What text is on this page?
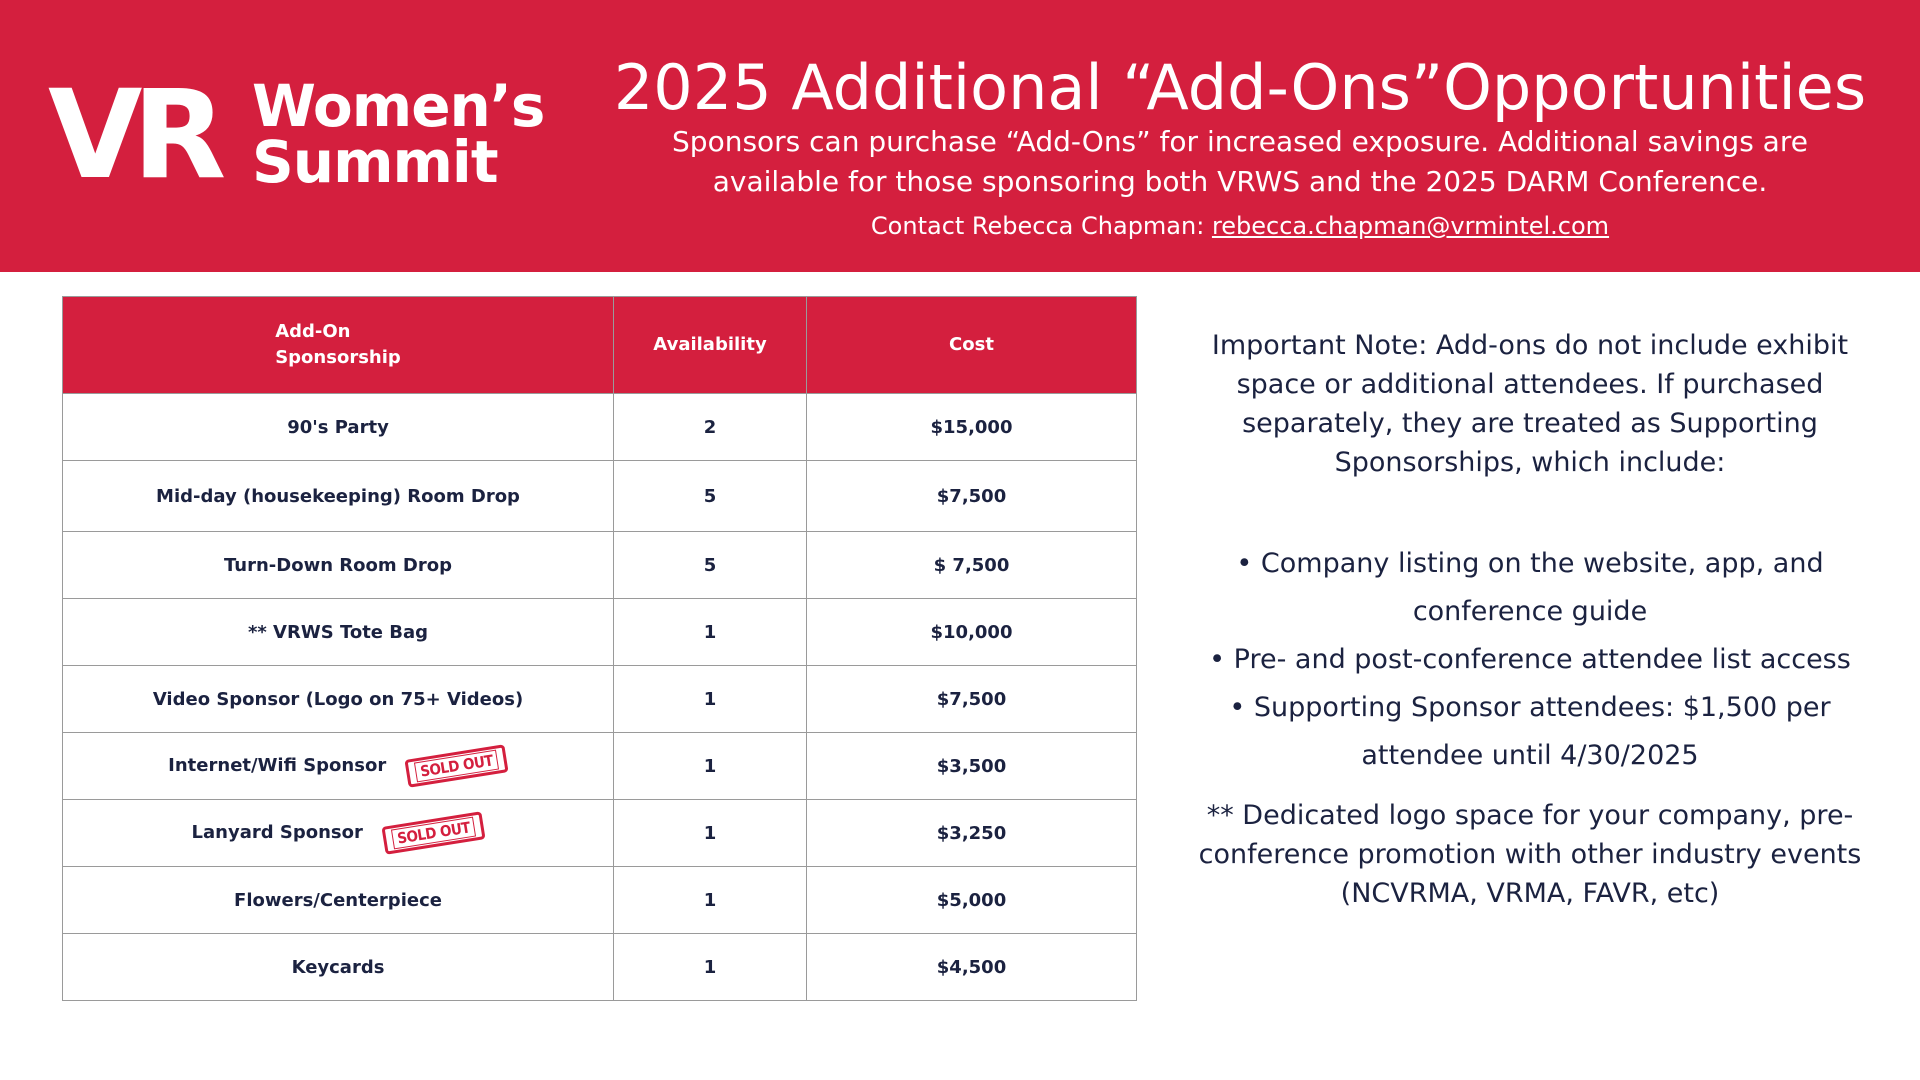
VR Women’s
Summit
2025 Additional “Add-Ons”Opportunities
Sponsors can purchase “Add-Ons” for increased exposure. Additional savings are
available for those sponsoring both VRWS and the 2025 DARM Conference.
Contact Rebecca Chapman: rebecca.chapman@vrmintel.com
Add-On
Sponsorship	Availability	Cost
90's Party	2	$15,000
Mid-day (housekeeping) Room Drop	5	$7,500
Turn-Down Room Drop	5	$ 7,500
** VRWS Tote Bag	1	$10,000
Video Sponsor (Logo on 75+ Videos)	1	$7,500
Internet/Wifi Sponsor SOLD OUT	1	$3,500
Lanyard Sponsor SOLD OUT	1	$3,250
Flowers/Centerpiece	1	$5,000
Keycards	1	$4,500

Important Note: Add-ons do not include exhibit space or additional attendees. If purchased separately, they are treated as Supporting Sponsorships, which include:

• Company listing on the website, app, and conference guide
• Pre- and post-conference attendee list access
• Supporting Sponsor attendees: $1,500 per attendee until 4/30/2025

** Dedicated logo space for your company, pre-conference promotion with other industry events (NCVRMA, VRMA, FAVR, etc)
